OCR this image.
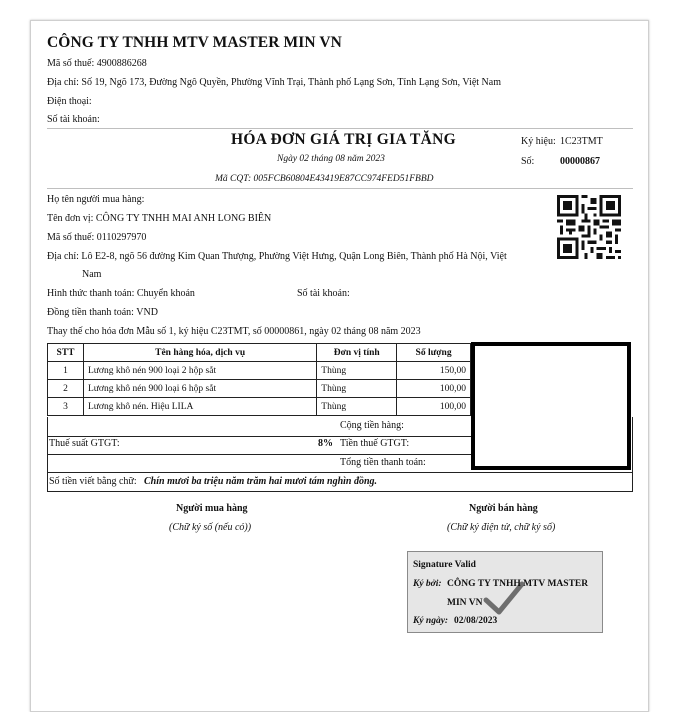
CÔNG TY TNHH MTV MASTER MIN VN
Mã số thuế: 4900886268
Địa chỉ: Số 19, Ngõ 173, Đường Ngô Quyền, Phường Vĩnh Trại, Thành phố Lạng Sơn, Tỉnh Lạng Sơn, Việt Nam
Điện thoại:
Số tài khoản:
HÓA ĐƠN GIÁ TRỊ GIA TĂNG
Ngày 02 tháng 08 năm 2023
Mã CQT: 005FCB60804E43419E87CC974FED51FBBD
Ký hiệu: 1C23TMT
Số:	00000867
Họ tên người mua hàng:
Tên đơn vị: CÔNG TY TNHH MAI ANH LONG BIÊN
Mã số thuế: 0110297970
Địa chỉ: Lô E2-8, ngõ 56 đường Kim Quan Thượng, Phường Việt Hưng, Quận Long Biên, Thành phố Hà Nội, Việt
Nam
Hình thức thanh toán: Chuyển khoản	Số tài khoản:
Đồng tiền thanh toán: VND
Thay thế cho hóa đơn Mẫu số 1, ký hiệu C23TMT, số 00000861, ngày 02 tháng 08 năm 2023
STT	Tên hàng hóa, dịch vụ	Đơn vị tính	Số lượng
1	Lương khô nén 900 loại 2 hộp sắt	Thùng	150,00
2	Lương khô nén 900 loại 6 hộp sắt	Thùng	100,00
3	Lương khô nén. Hiệu LILA	Thùng	100,00
Cộng tiền hàng:
Thuế suất GTGT:	8% Tiền thuế GTGT:
Tổng tiền thanh toán:
Số tiền viết bằng chữ: Chín mươi ba triệu năm trăm hai mươi tám nghìn đồng.
Người mua hàng
(Chữ ký số (nếu có))
Người bán hàng
(Chữ ký điện tử, chữ ký số)
Signature Valid
Ký bởi: CÔNG TY TNHH MTV MASTER
MIN VN
Ký ngày: 02/08/2023
